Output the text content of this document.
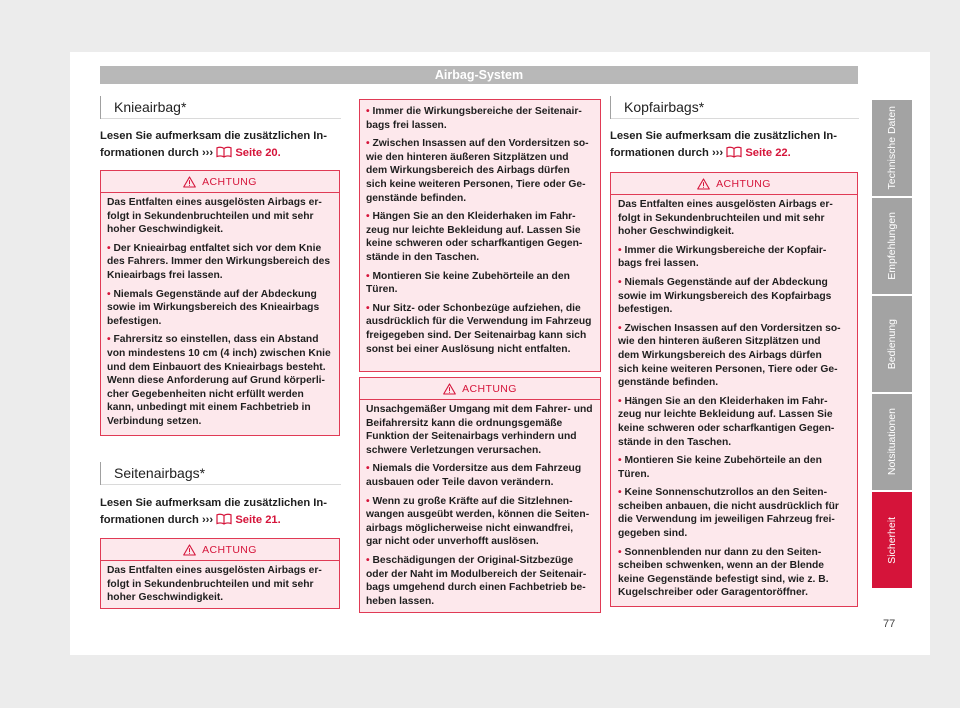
Airbag-System
Knieairbag*
Lesen Sie aufmerksam die zusätzlichen In-
formationen durch ››› Seite 20.
ACHTUNG

Das Entfalten eines ausgelösten Airbags er-
folgt in Sekundenbruchteilen und mit sehr
hoher Geschwindigkeit.

• Der Knieairbag entfaltet sich vor dem Knie
des Fahrers. Immer den Wirkungsbereich des
Knieairbags frei lassen.

• Niemals Gegenstände auf der Abdeckung
sowie im Wirkungsbereich des Knieairbags
befestigen.

• Fahrersitz so einstellen, dass ein Abstand
von mindestens 10 cm (4 inch) zwischen Knie
und dem Einbauort des Knieairbags besteht.
Wenn diese Anforderung auf Grund körperli-
cher Gegebenheiten nicht erfüllt werden
kann, unbedingt mit einem Fachbetrieb in
Verbindung setzen.

Seitenairbags*
Lesen Sie aufmerksam die zusätzlichen In-
formationen durch ››› Seite 21.
ACHTUNG

Das Entfalten eines ausgelösten Airbags er-
folgt in Sekundenbruchteilen und mit sehr
hoher Geschwindigkeit.

• Immer die Wirkungsbereiche der Seitenair-
bags frei lassen.

• Zwischen Insassen auf den Vordersitzen so-
wie den hinteren äußeren Sitzplätzen und
dem Wirkungsbereich des Airbags dürfen
sich keine weiteren Personen, Tiere oder Ge-
genstände befinden.

• Hängen Sie an den Kleiderhaken im Fahr-
zeug nur leichte Bekleidung auf. Lassen Sie
keine schweren oder scharfkantigen Gegen-
stände in den Taschen.

• Montieren Sie keine Zubehörteile an den
Türen.

• Nur Sitz- oder Schonbezüge aufziehen, die
ausdrücklich für die Verwendung im Fahrzeug
freigegeben sind. Der Seitenairbag kann sich
sonst bei einer Auslösung nicht entfalten.

ACHTUNG

Unsachgemäßer Umgang mit dem Fahrer- und
Beifahrersitz kann die ordnungsgemäße
Funktion der Seitenairbags verhindern und
schwere Verletzungen verursachen.

• Niemals die Vordersitze aus dem Fahrzeug
ausbauen oder Teile davon verändern.

• Wenn zu große Kräfte auf die Sitzlehnen-
wangen ausgeübt werden, können die Seiten-
airbags möglicherweise nicht einwandfrei,
gar nicht oder unverhofft auslösen.

• Beschädigungen der Original-Sitzbezüge
oder der Naht im Modulbereich der Seitenair-
bags umgehend durch einen Fachbetrieb be-
heben lassen.

Kopfairbags*
Lesen Sie aufmerksam die zusätzlichen In-
formationen durch ››› Seite 22.
ACHTUNG

Das Entfalten eines ausgelösten Airbags er-
folgt in Sekundenbruchteilen und mit sehr
hoher Geschwindigkeit.

• Immer die Wirkungsbereiche der Kopfair-
bags frei lassen.

• Niemals Gegenstände auf der Abdeckung
sowie im Wirkungsbereich des Kopfairbags
befestigen.

• Zwischen Insassen auf den Vordersitzen so-
wie den hinteren äußeren Sitzplätzen und
dem Wirkungsbereich des Airbags dürfen
sich keine weiteren Personen, Tiere oder Ge-
genstände befinden.

• Hängen Sie an den Kleiderhaken im Fahr-
zeug nur leichte Bekleidung auf. Lassen Sie
keine schweren oder scharfkantigen Gegen-
stände in den Taschen.

• Montieren Sie keine Zubehörteile an den
Türen.

• Keine Sonnenschutzrollos an den Seiten-
scheiben anbauen, die nicht ausdrücklich für
die Verwendung im jeweiligen Fahrzeug frei-
gegeben sind.

• Sonnenblenden nur dann zu den Seiten-
scheiben schwenken, wenn an der Blende
keine Gegenstände befestigt sind, wie z. B.
Kugelschreiber oder Garagentoröffner.

Technische Daten
Empfehlungen
Bedienung
Notsituationen
Sicherheit
77
